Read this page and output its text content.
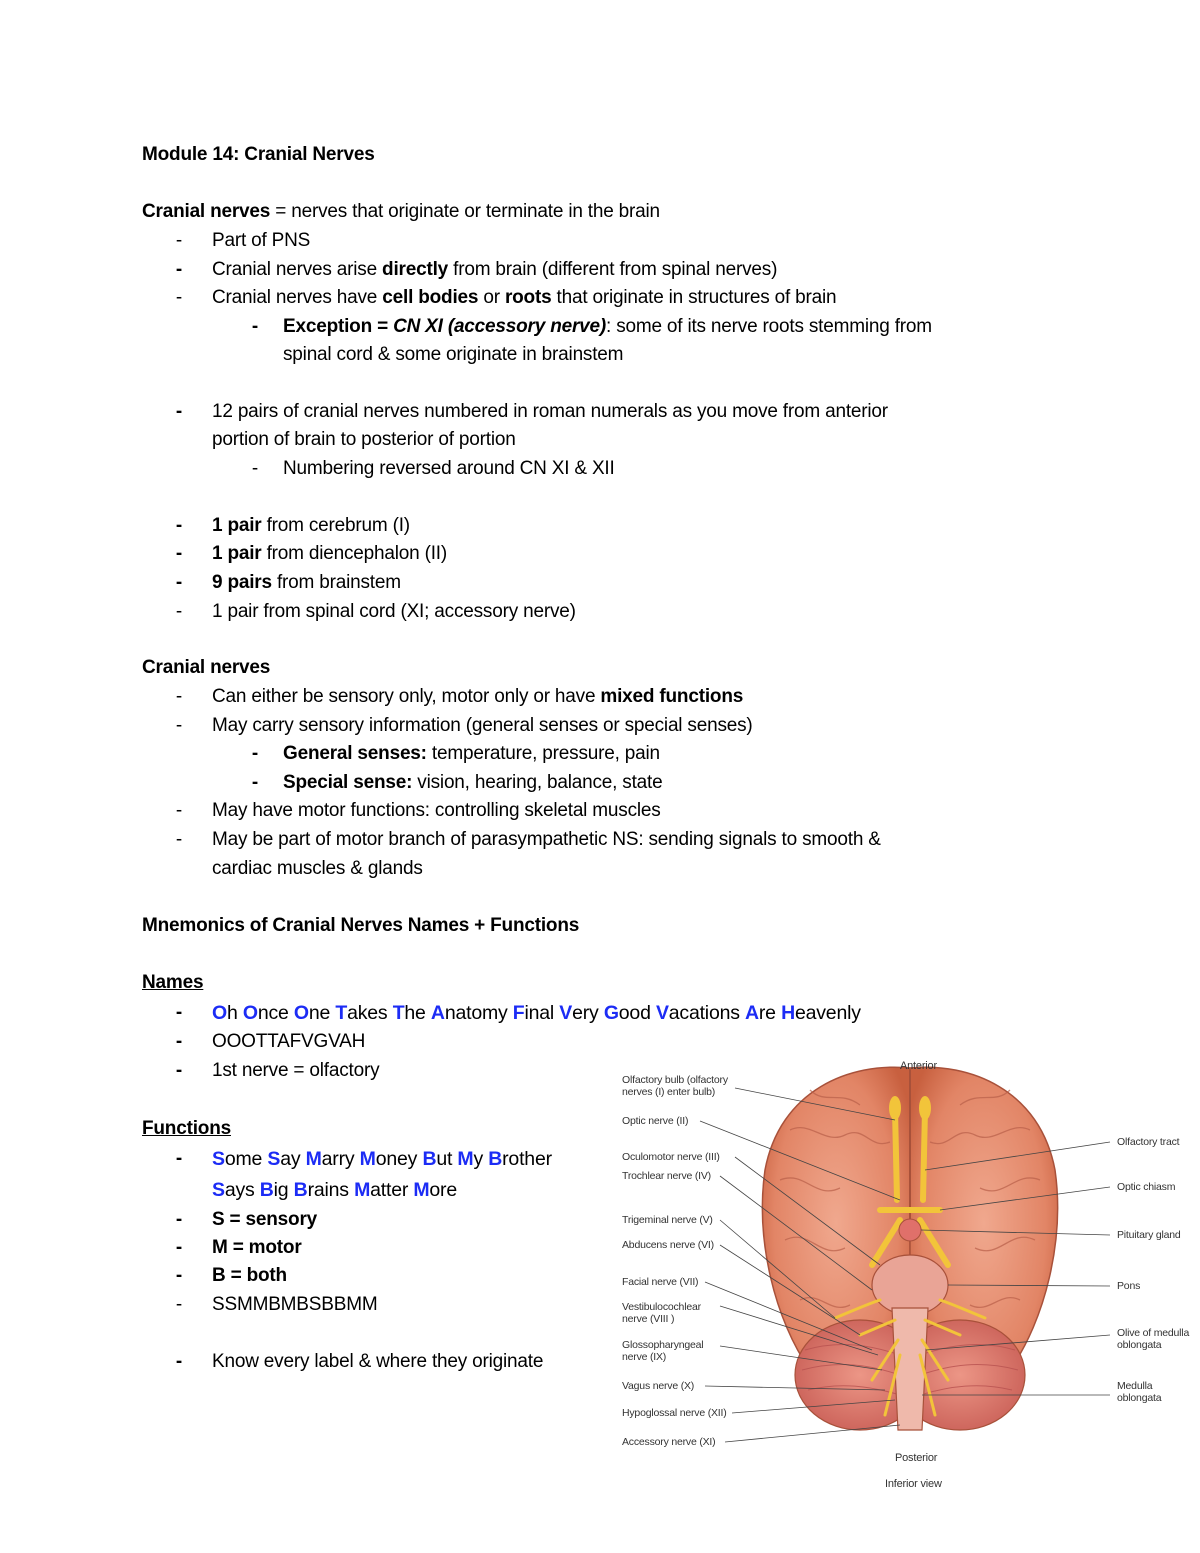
Module 14: Cranial Nerves
Cranial nerves = nerves that originate or terminate in the brain
- Part of PNS
- Cranial nerves arise directly from brain (different from spinal nerves)
- Cranial nerves have cell bodies or roots that originate in structures of brain
- Exception = CN XI (accessory nerve): some of its nerve roots stemming from
spinal cord & some originate in brainstem
- 12 pairs of cranial nerves numbered in roman numerals as you move from anterior
portion of brain to posterior of portion
- Numbering reversed around CN XI & XII
- 1 pair from cerebrum (I)
- 1 pair from diencephalon (II)
- 9 pairs from brainstem
- 1 pair from spinal cord (XI; accessory nerve)
Cranial nerves
- Can either be sensory only, motor only or have mixed functions
- May carry sensory information (general senses or special senses)
- General senses: temperature, pressure, pain
- Special sense: vision, hearing, balance, state
- May have motor functions: controlling skeletal muscles
- May be part of motor branch of parasympathetic NS: sending signals to smooth &
cardiac muscles & glands
Mnemonics of Cranial Nerves Names + Functions
Names
- Oh Once One Takes The Anatomy Final Very Good Vacations Are Heavenly
- OOOTTAFVGVAH
- 1st nerve = olfactory
Functions
- Some Say Marry Money But My Brother
Says Big Brains Matter More
- S = sensory
- M = motor
- B = both
- SSMMBMBSBBMM
- Know every label & where they originate
Anterior
Posterior
Inferior view
Olfactory bulb (olfactory
nerves (I) enter bulb)
Optic nerve (II)
Oculomotor nerve (III)
Trochlear nerve (IV)
Trigeminal nerve (V)
Abducens nerve (VI)
Facial nerve (VII)
Vestibulocochlear
nerve (VIII )
Glossopharyngeal
nerve (IX)
Vagus nerve (X)
Hypoglossal nerve (XII)
Accessory nerve (XI)
Olfactory tract
Optic chiasm
Pituitary gland
Pons
Olive of medulla
oblongata
Medulla
oblongata
